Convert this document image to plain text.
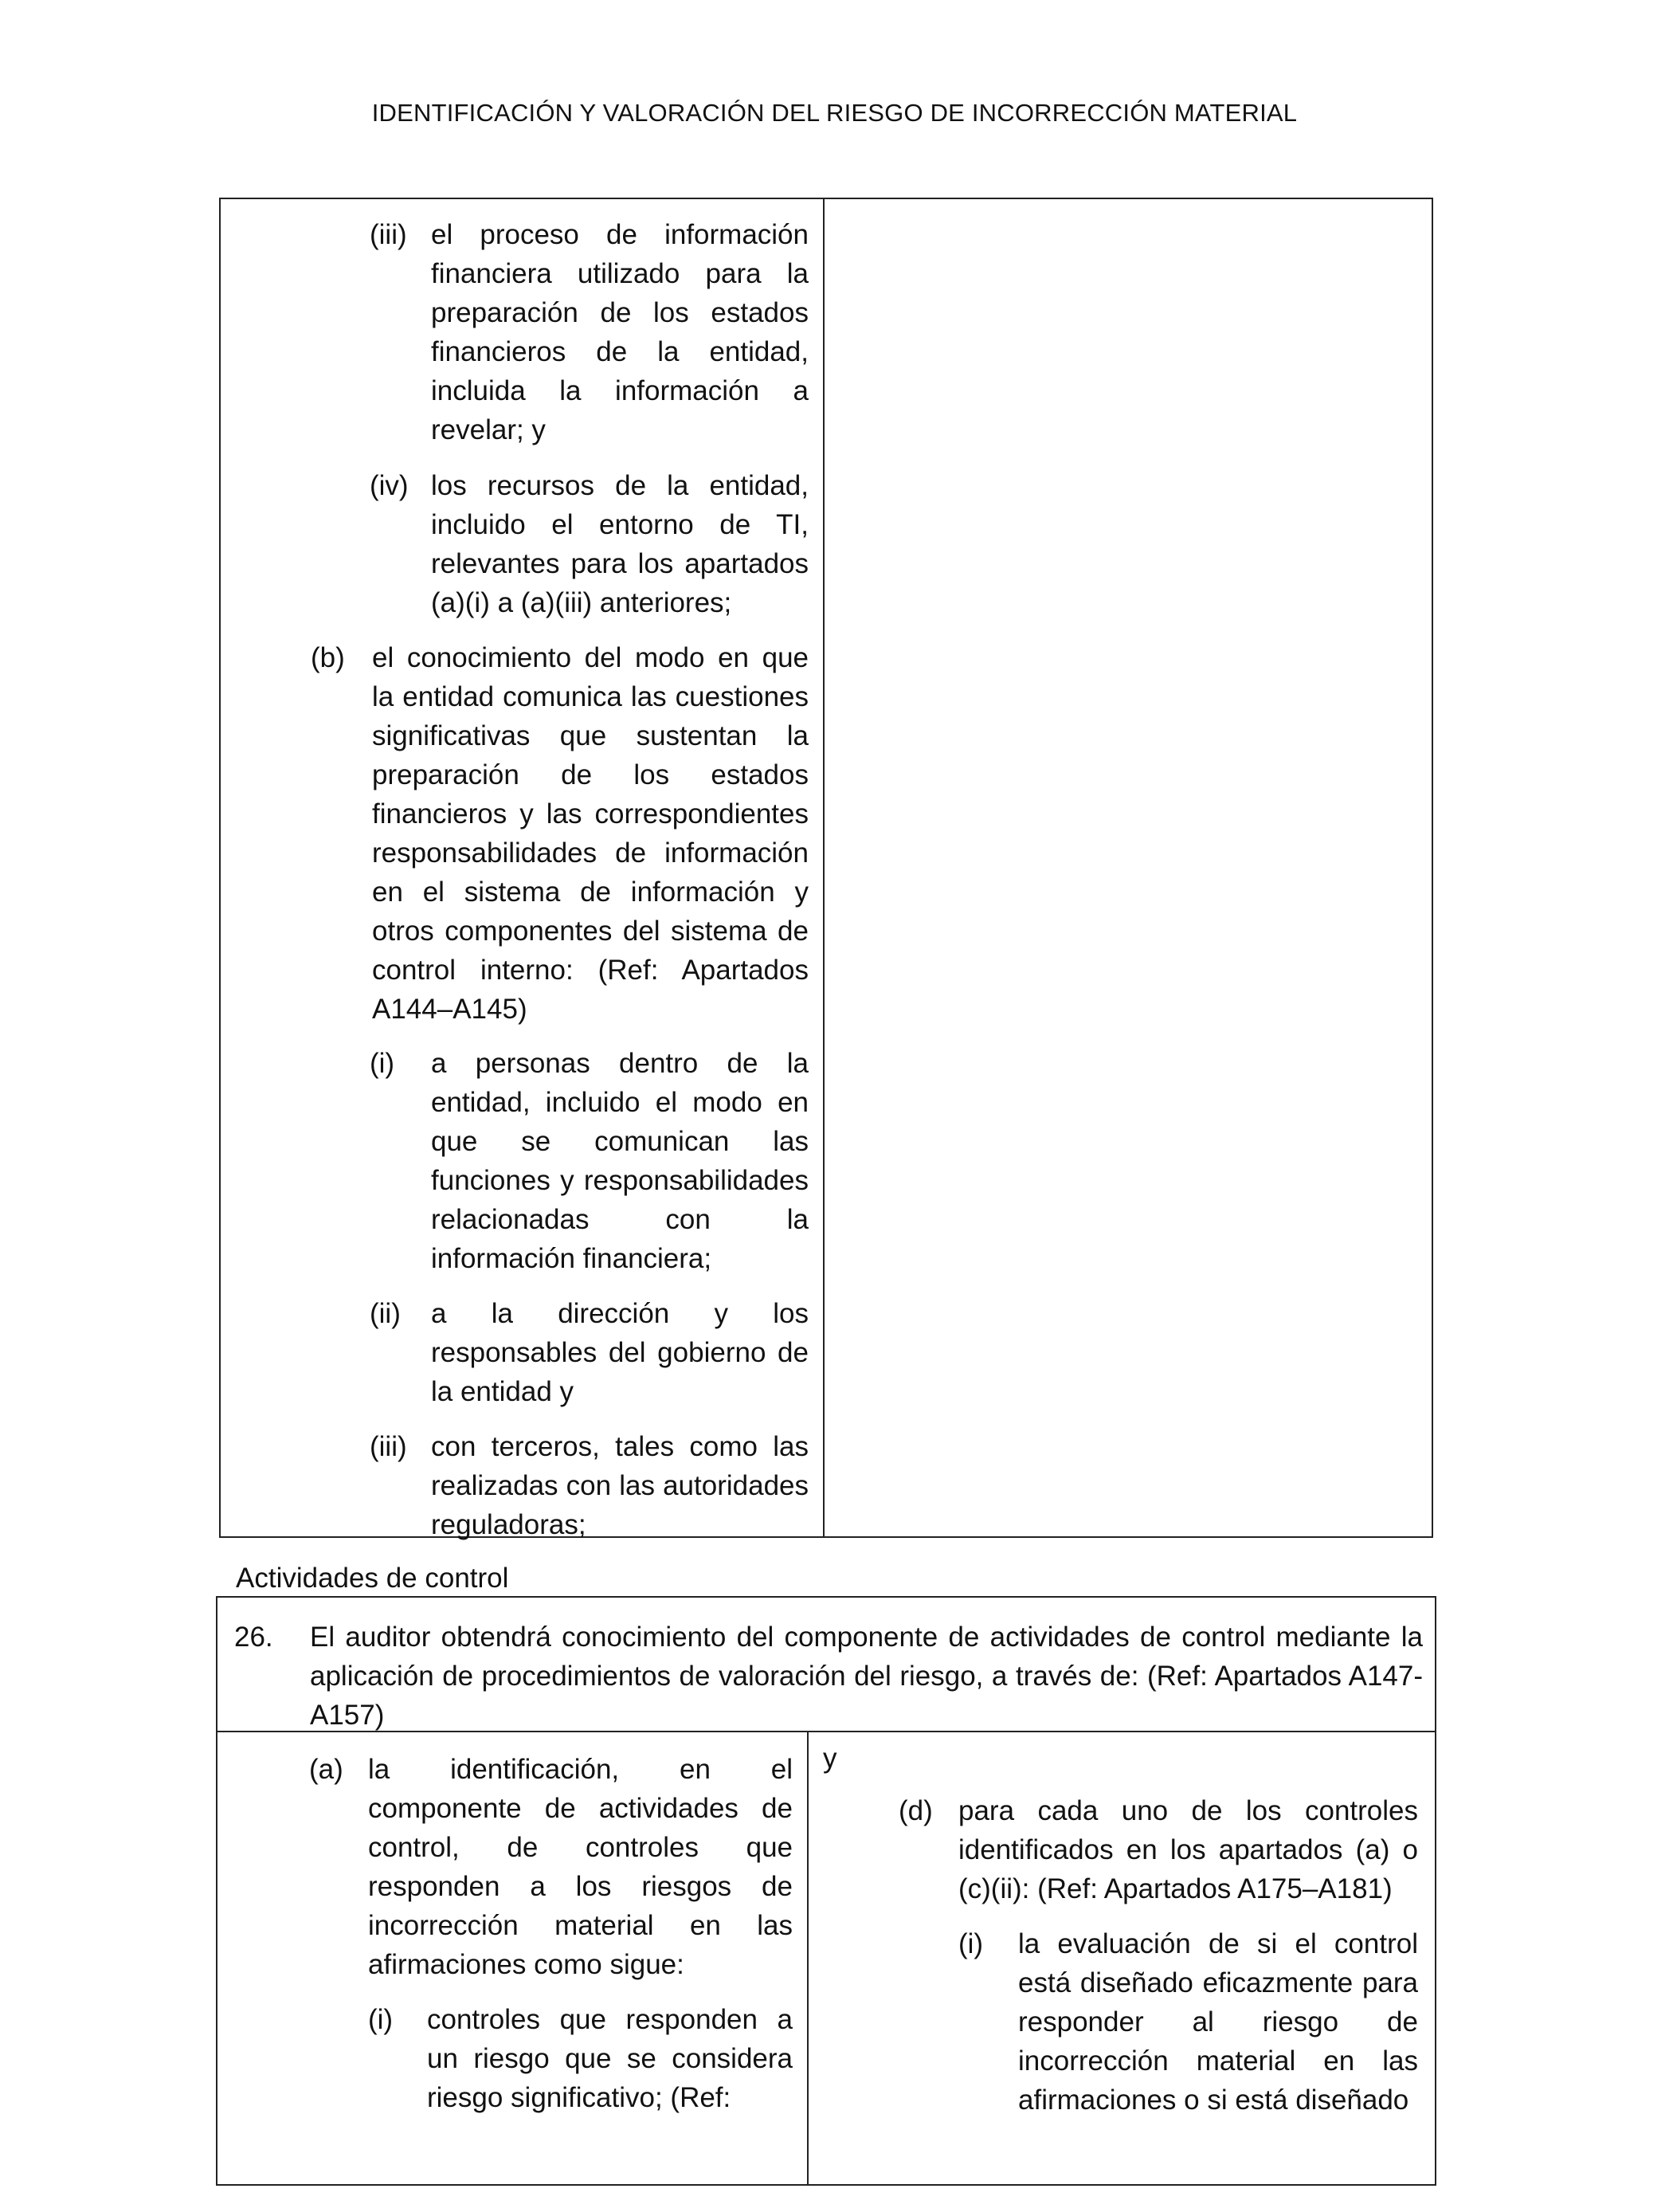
IDENTIFICACIÓN Y VALORACIÓN DEL RIESGO DE INCORRECCIÓN MATERIAL
(iii) el proceso de información financiera utilizado para la preparación de los estados financieros de la entidad, incluida la información a revelar; y
(iv) los recursos de la entidad, incluido el entorno de TI, relevantes para los apartados (a)(i) a (a)(iii) anteriores;
(b) el conocimiento del modo en que la entidad comunica las cuestiones significativas que sustentan la preparación de los estados financieros y las correspondientes responsabilidades de información en el sistema de información y otros componentes del sistema de control interno: (Ref: Apartados A144–A145)
(i)	a personas dentro de la entidad, incluido el modo en que se comunican las funciones y responsabilidades relacionadas con la información financiera;
(ii)	a la dirección y los responsables del gobierno de la entidad y
(iii) con terceros, tales como las realizadas con las autoridades reguladoras;
Actividades de control
26.	El auditor obtendrá conocimiento del componente de actividades de control mediante la aplicación de procedimientos de valoración del riesgo, a través de: (Ref: Apartados A147-A157)
(a) la identificación, en el componente de actividades de control, de controles que responden a los riesgos de incorrección material en las afirmaciones como sigue:
(i)	controles que responden a un riesgo que se considera riesgo significativo; (Ref:
y
(d) para cada uno de los controles identificados en los apartados (a) o (c)(ii): (Ref: Apartados A175–A181)
(i)	la evaluación de si el control está diseñado eficazmente para responder al riesgo de incorrección material en las afirmaciones o si está diseñado
